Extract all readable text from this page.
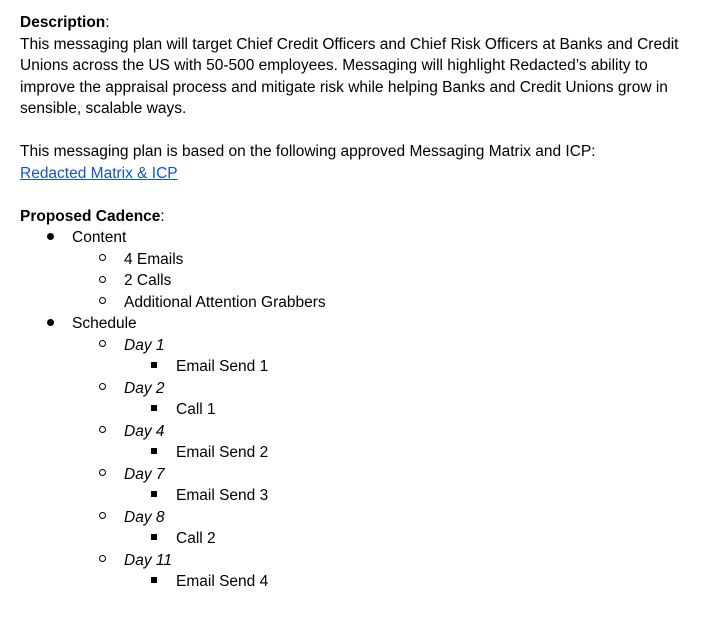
Description:

This messaging plan will target Chief Credit Officers and Chief Risk Officers at Banks and Credit Unions across the US with 50-500 employees. Messaging will highlight Redacted’s ability to improve the appraisal process and mitigate risk while helping Banks and Credit Unions grow in sensible, scalable ways.

This messaging plan is based on the following approved Messaging Matrix and ICP:

Redacted Matrix & ICP

Proposed Cadence:

Content
4 Emails
2 Calls
Additional Attention Grabbers
Schedule
Day 1
Email Send 1
Day 2
Call 1
Day 4
Email Send 2
Day 7
Email Send 3
Day 8
Call 2
Day 11
Email Send 4
